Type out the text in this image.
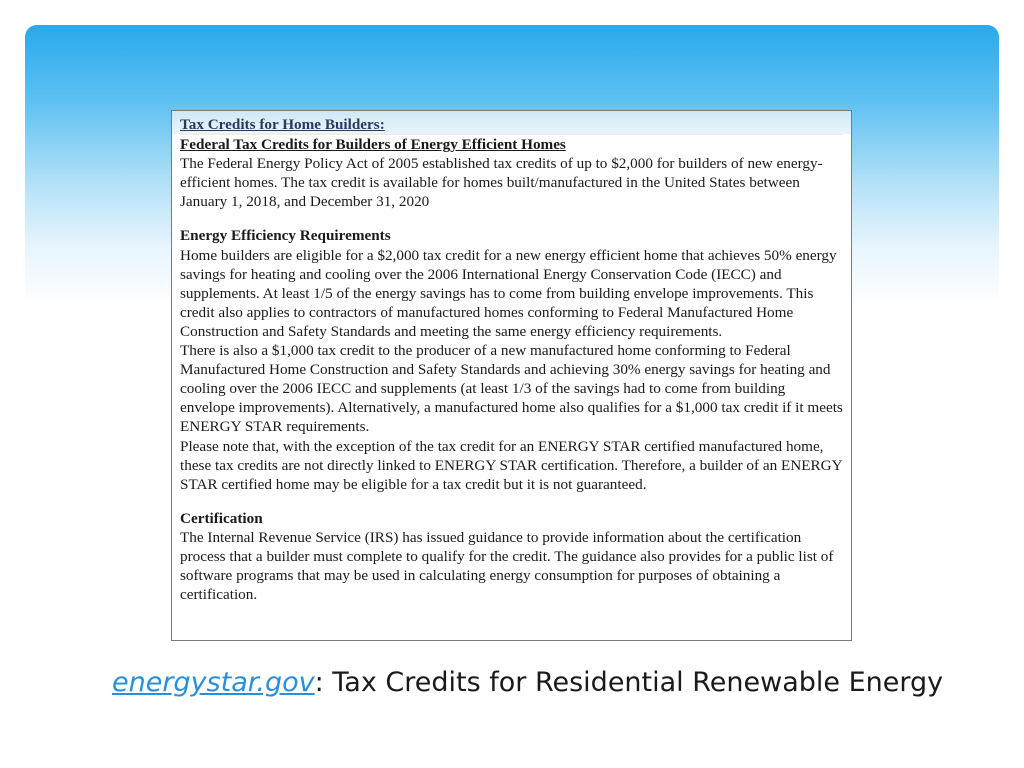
Tax Credits for Home Builders:
Federal Tax Credits for Builders of Energy Efficient Homes

The Federal Energy Policy Act of 2005 established tax credits of up to $2,000 for builders of new energy-efficient homes. The tax credit is available for homes built/manufactured in the United States between January 1, 2018, and December 31, 2020

Energy Efficiency Requirements

Home builders are eligible for a $2,000 tax credit for a new energy efficient home that achieves 50% energy savings for heating and cooling over the 2006 International Energy Conservation Code (IECC) and supplements. At least 1/5 of the energy savings has to come from building envelope improvements. This credit also applies to contractors of manufactured homes conforming to Federal Manufactured Home Construction and Safety Standards and meeting the same energy efficiency requirements.

There is also a $1,000 tax credit to the producer of a new manufactured home conforming to Federal Manufactured Home Construction and Safety Standards and achieving 30% energy savings for heating and cooling over the 2006 IECC and supplements (at least 1/3 of the savings had to come from building envelope improvements). Alternatively, a manufactured home also qualifies for a $1,000 tax credit if it meets ENERGY STAR requirements.

Please note that, with the exception of the tax credit for an ENERGY STAR certified manufactured home, these tax credits are not directly linked to ENERGY STAR certification. Therefore, a builder of an ENERGY STAR certified home may be eligible for a tax credit but it is not guaranteed.

Certification

The Internal Revenue Service (IRS) has issued guidance to provide information about the certification process that a builder must complete to qualify for the credit. The guidance also provides for a public list of software programs that may be used in calculating energy consumption for purposes of obtaining a certification.

energystar.gov: Tax Credits for Residential Renewable Energy
